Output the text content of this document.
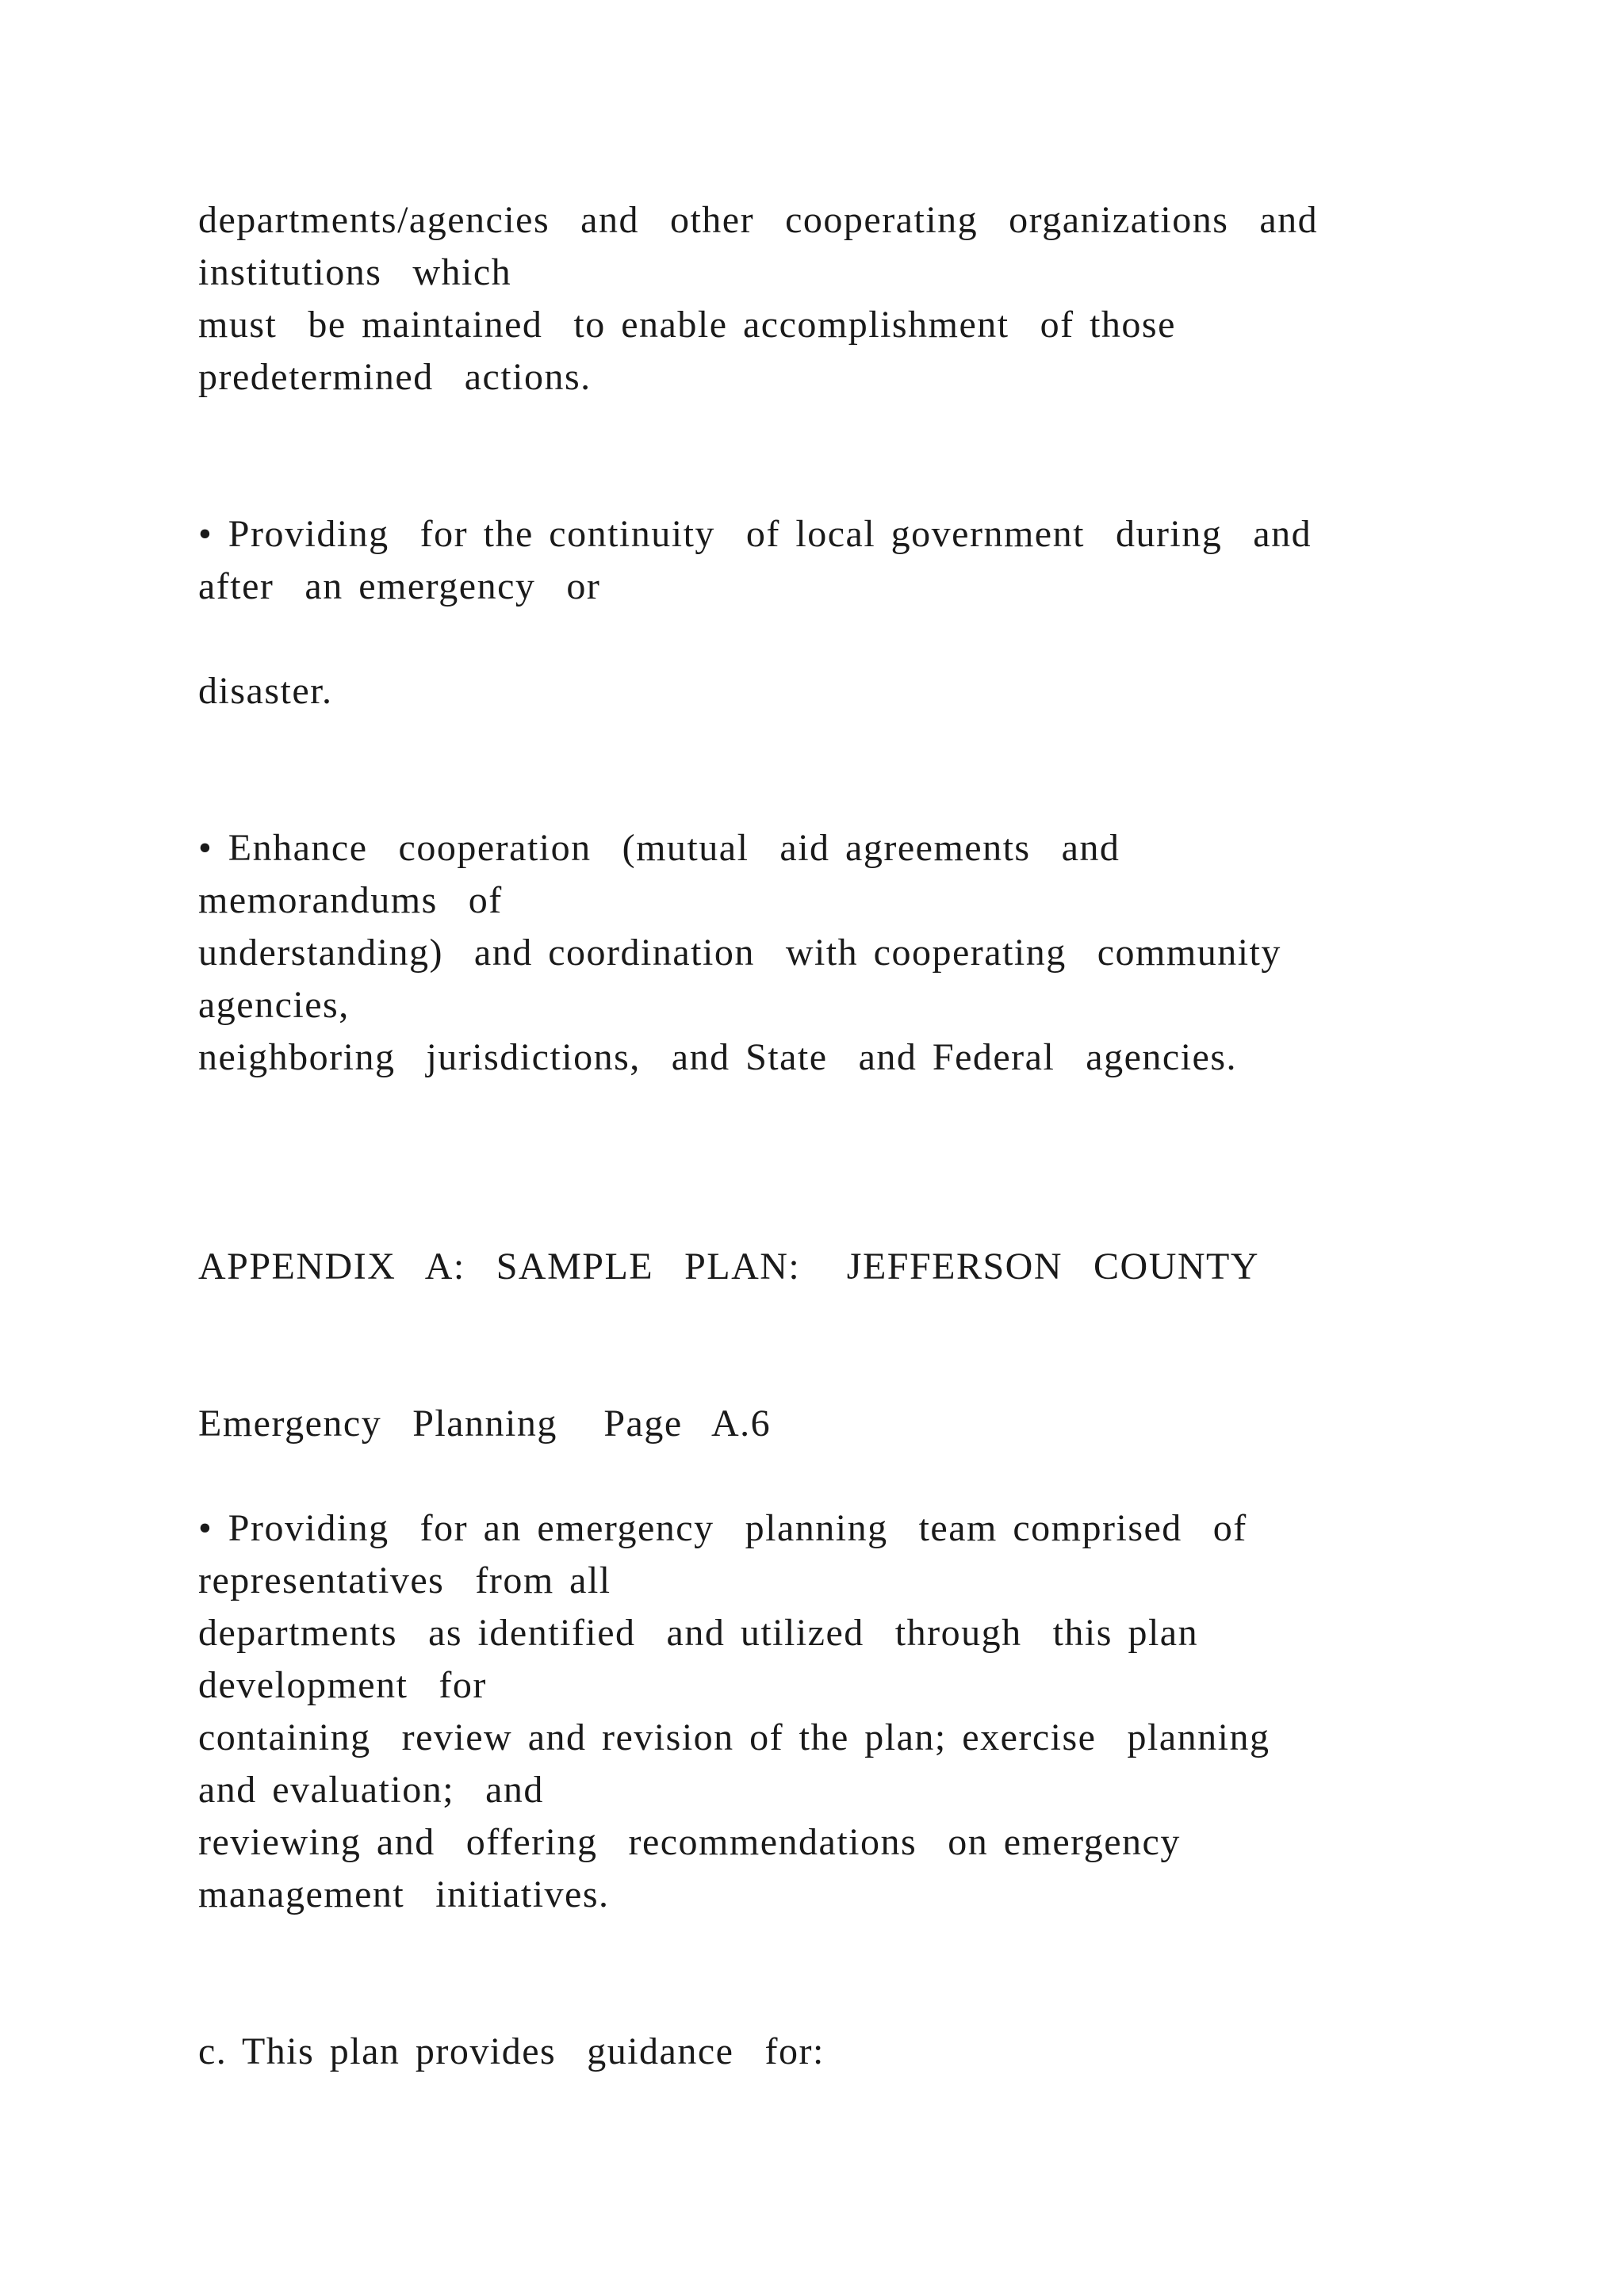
departments/agencies  and  other  cooperating  organizations  and

institutions  which

must  be maintained  to enable accomplishment  of those

predetermined  actions.

• Providing  for the continuity  of local government  during  and

after  an emergency  or

disaster.

• Enhance  cooperation  (mutual  aid agreements  and

memorandums  of

understanding)  and coordination  with cooperating  community

agencies,

neighboring  jurisdictions,  and State  and Federal  agencies.

APPENDIX  A:  SAMPLE  PLAN:   JEFFERSON  COUNTY

Emergency  Planning   Page  A.6

• Providing  for an emergency  planning  team comprised  of

representatives  from all

departments  as identified  and utilized  through  this plan

development  for

containing  review and revision of the plan; exercise  planning

and evaluation;  and

reviewing and  offering  recommendations  on emergency

management  initiatives.

c. This plan provides  guidance  for:
